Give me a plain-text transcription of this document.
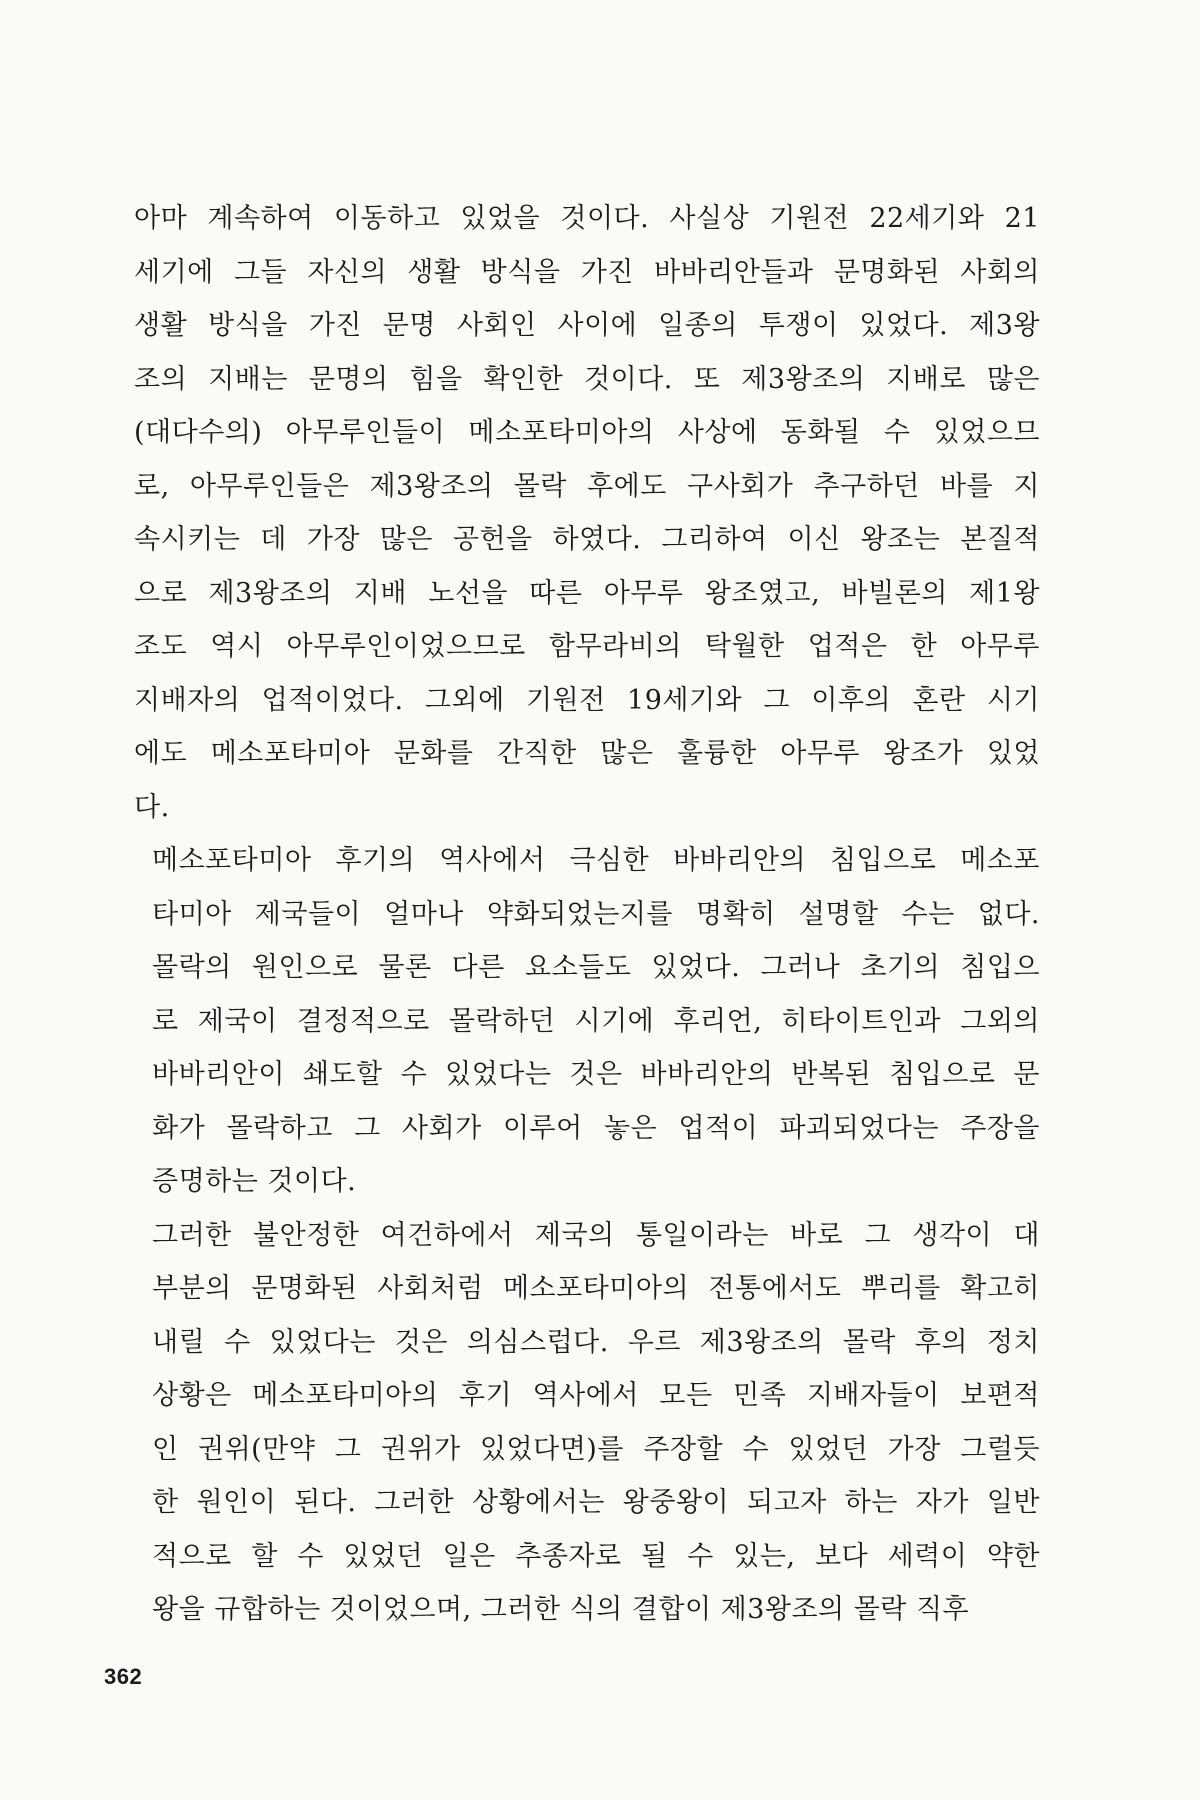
아마 계속하여 이동하고 있었을 것이다. 사실상 기원전 22세기와 21
세기에 그들 자신의 생활 방식을 가진 바바리안들과 문명화된 사회의
생활 방식을 가진 문명 사회인 사이에 일종의 투쟁이 있었다. 제3왕
조의 지배는 문명의 힘을 확인한 것이다. 또 제3왕조의 지배로 많은
(대다수의) 아무루인들이 메소포타미아의 사상에 동화될 수 있었으므
로, 아무루인들은 제3왕조의 몰락 후에도 구사회가 추구하던 바를 지
속시키는 데 가장 많은 공헌을 하였다. 그리하여 이신 왕조는 본질적
으로 제3왕조의 지배 노선을 따른 아무루 왕조였고, 바빌론의 제1왕
조도 역시 아무루인이었으므로 함무라비의 탁월한 업적은 한 아무루
지배자의 업적이었다. 그외에 기원전 19세기와 그 이후의 혼란 시기
에도 메소포타미아 문화를 간직한 많은 훌륭한 아무루 왕조가 있었
다.

메소포타미아 후기의 역사에서 극심한 바바리안의 침입으로 메소포
타미아 제국들이 얼마나 약화되었는지를 명확히 설명할 수는 없다.
몰락의 원인으로 물론 다른 요소들도 있었다. 그러나 초기의 침입으
로 제국이 결정적으로 몰락하던 시기에 후리언, 히타이트인과 그외의
바바리안이 쇄도할 수 있었다는 것은 바바리안의 반복된 침입으로 문
화가 몰락하고 그 사회가 이루어 놓은 업적이 파괴되었다는 주장을
증명하는 것이다.

그러한 불안정한 여건하에서 제국의 통일이라는 바로 그 생각이 대
부분의 문명화된 사회처럼 메소포타미아의 전통에서도 뿌리를 확고히
내릴 수 있었다는 것은 의심스럽다. 우르 제3왕조의 몰락 후의 정치
상황은 메소포타미아의 후기 역사에서 모든 민족 지배자들이 보편적
인 권위(만약 그 권위가 있었다면)를 주장할 수 있었던 가장 그럴듯
한 원인이 된다. 그러한 상황에서는 왕중왕이 되고자 하는 자가 일반
적으로 할 수 있었던 일은 추종자로 될 수 있는, 보다 세력이 약한
왕을 규합하는 것이었으며, 그러한 식의 결합이 제3왕조의 몰락 직후

362
